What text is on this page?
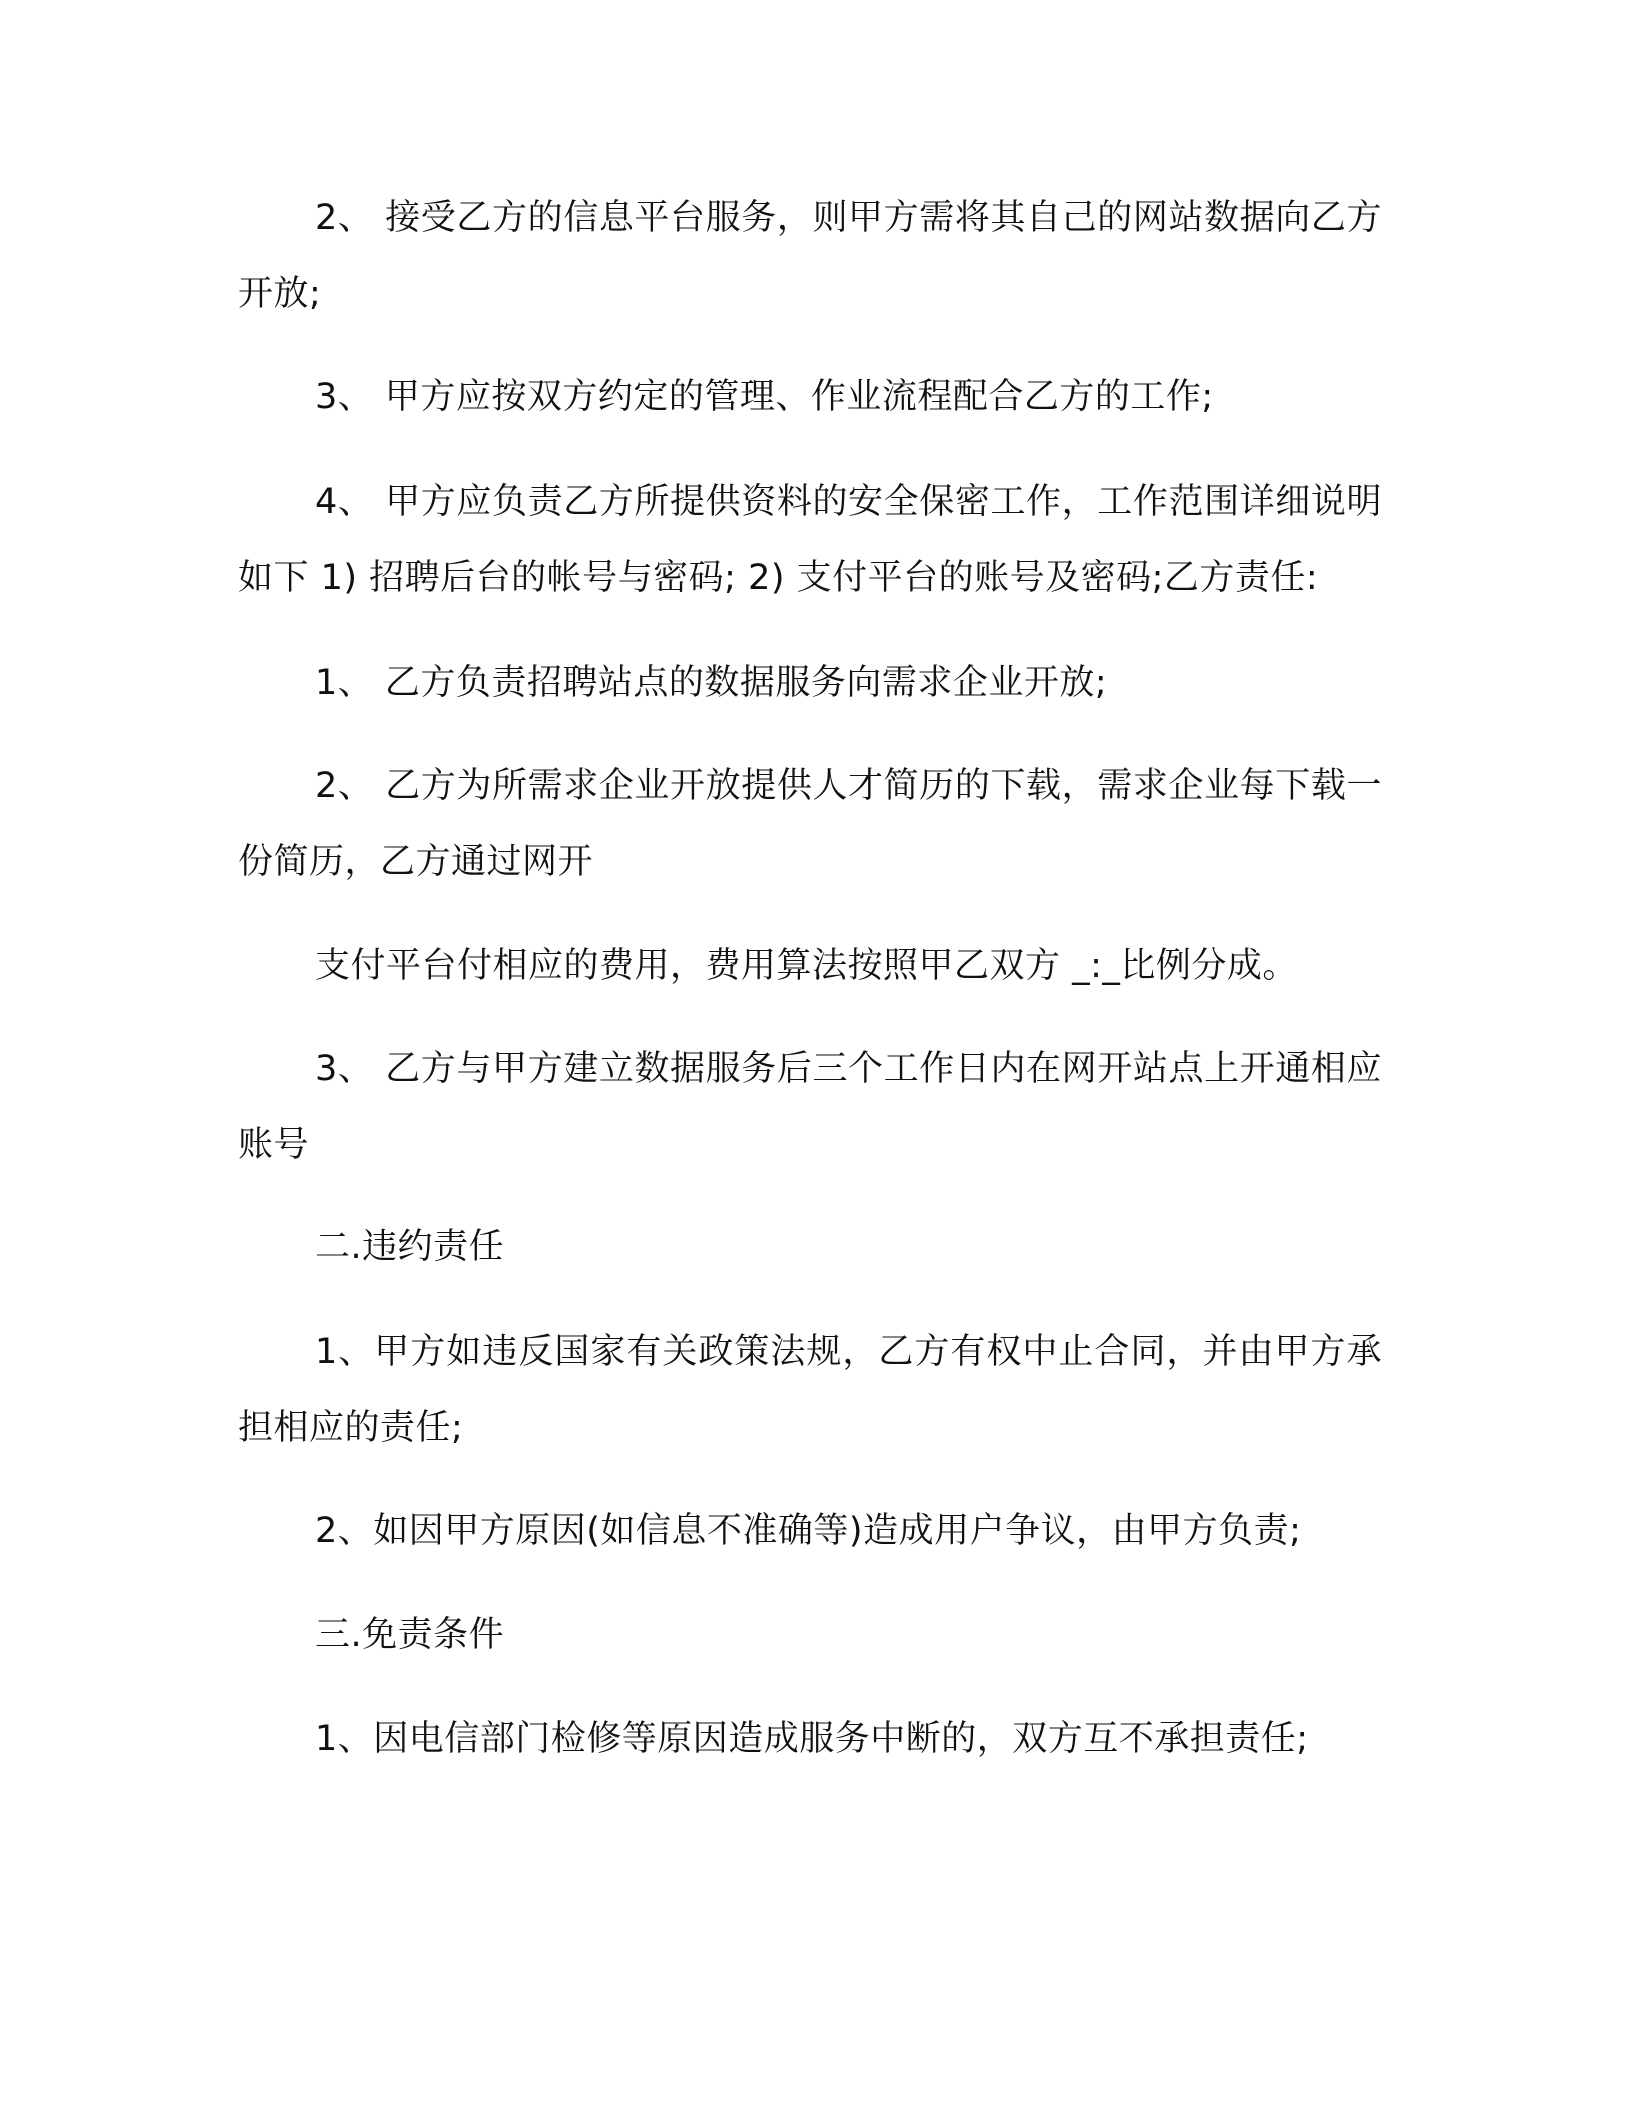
2、 接受乙方的信息平台服务，则甲方需将其自己的网站数据向乙方开放;

3、 甲方应按双方约定的管理、作业流程配合乙方的工作;

4、 甲方应负责乙方所提供资料的安全保密工作，工作范围详细说明如下 1) 招聘后台的帐号与密码; 2) 支付平台的账号及密码;乙方责任:

1、 乙方负责招聘站点的数据服务向需求企业开放;

2、 乙方为所需求企业开放提供人才简历的下载，需求企业每下载一份简历，乙方通过网开

支付平台付相应的费用，费用算法按照甲乙双方 _:_比例分成。

3、 乙方与甲方建立数据服务后三个工作日内在网开站点上开通相应账号

二.违约责任

1、甲方如违反国家有关政策法规，乙方有权中止合同，并由甲方承担相应的责任;

2、如因甲方原因(如信息不准确等)造成用户争议，由甲方负责;

三.免责条件

1、因电信部门检修等原因造成服务中断的，双方互不承担责任;
